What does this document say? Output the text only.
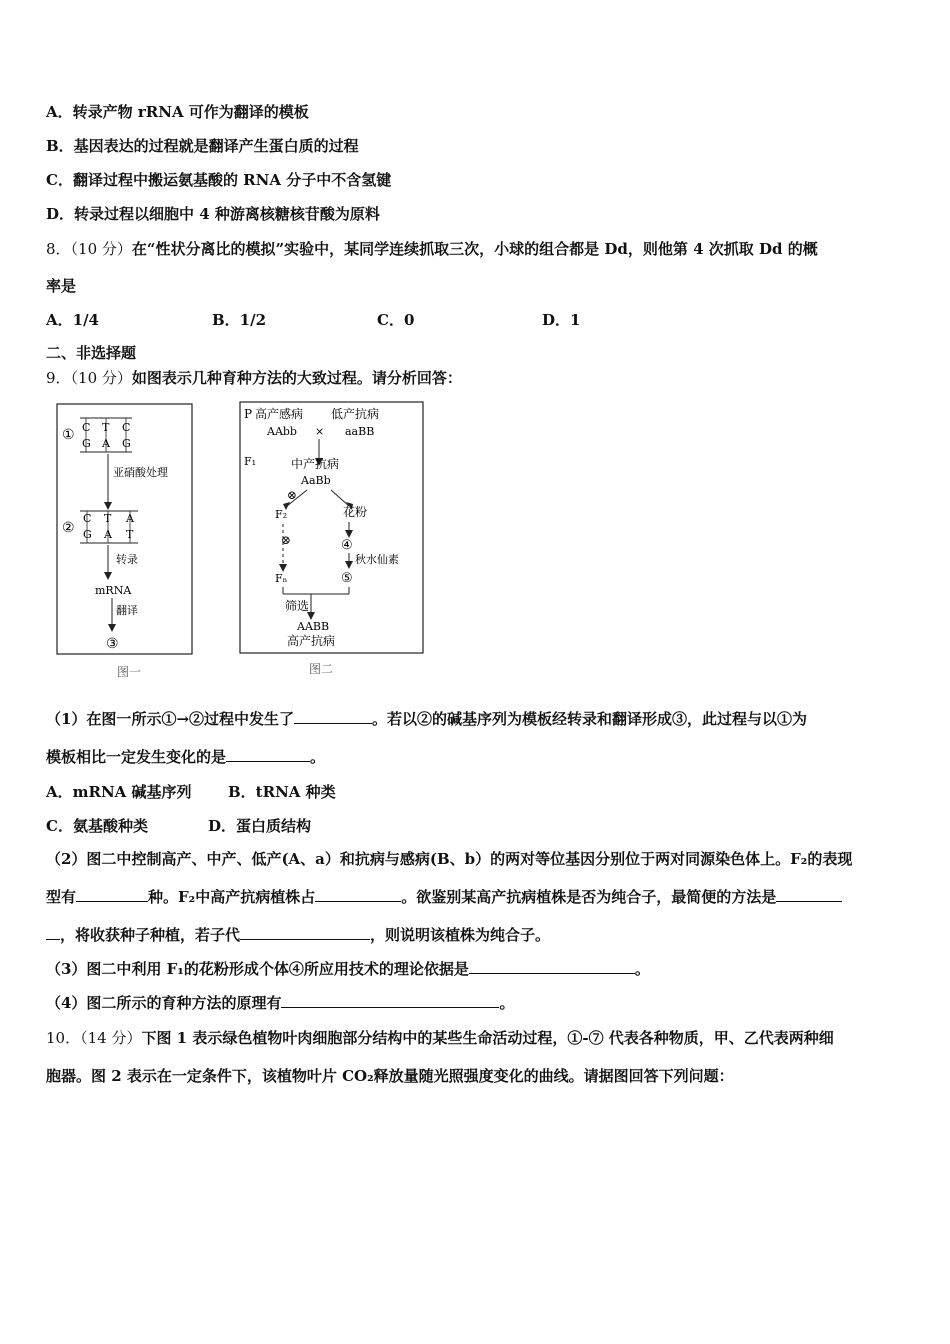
A．转录产物 rRNA 可作为翻译的模板
B．基因表达的过程就是翻译产生蛋白质的过程
C．翻译过程中搬运氨基酸的 RNA 分子中不含氢键
D．转录过程以细胞中 4 种游离核糖核苷酸为原料
8．（10 分）在“性状分离比的模拟”实验中，某同学连续抓取三次，小球的组合都是 Dd，则他第 4 次抓取 Dd 的概
率是
A．1/4	B．1/2	C．0	D．1
二、非选择题
9．（10 分）如图表示几种育种方法的大致过程。请分析回答：
① C T C
G A G
亚硝酸处理
②
C T A
G A T
转录
mRNA
翻译
③
图一
P 高产感病 低产抗病
AAbb × aaBB
F₁	中产抗病
AaBb
⊗
F₂	花粉
⊗
Fₙ
④
秋水仙素
⑤
筛选
AABB
高产抗病
图二
（1）在图一所示①→②过程中发生了	。若以②的碱基序列为模板经转录和翻译形成③，此过程与以①为
模板相比一定发生变化的是	。
A．mRNA 碱基序列 B．tRNA 种类
C．氨基酸种类	D．蛋白质结构
（2）图二中控制高产、中产、低产(A、a）和抗病与感病(B、b）的两对等位基因分别位于两对同源染色体上。F₂的表现
型有	种。F₂中高产抗病植株占	。欲鉴别某高产抗病植株是否为纯合子，最简便的方法是
，将收获种子种植，若子代	，则说明该植株为纯合子。
（3）图二中利用 F₁的花粉形成个体④所应用技术的理论依据是	。
（4）图二所示的育种方法的原理有	。
10．（14 分）下图 1 表示绿色植物叶肉细胞部分结构中的某些生命活动过程，①-⑦ 代表各种物质，甲、乙代表两种细
胞器。图 2 表示在一定条件下，该植物叶片 CO₂释放量随光照强度变化的曲线。请据图回答下列问题：
